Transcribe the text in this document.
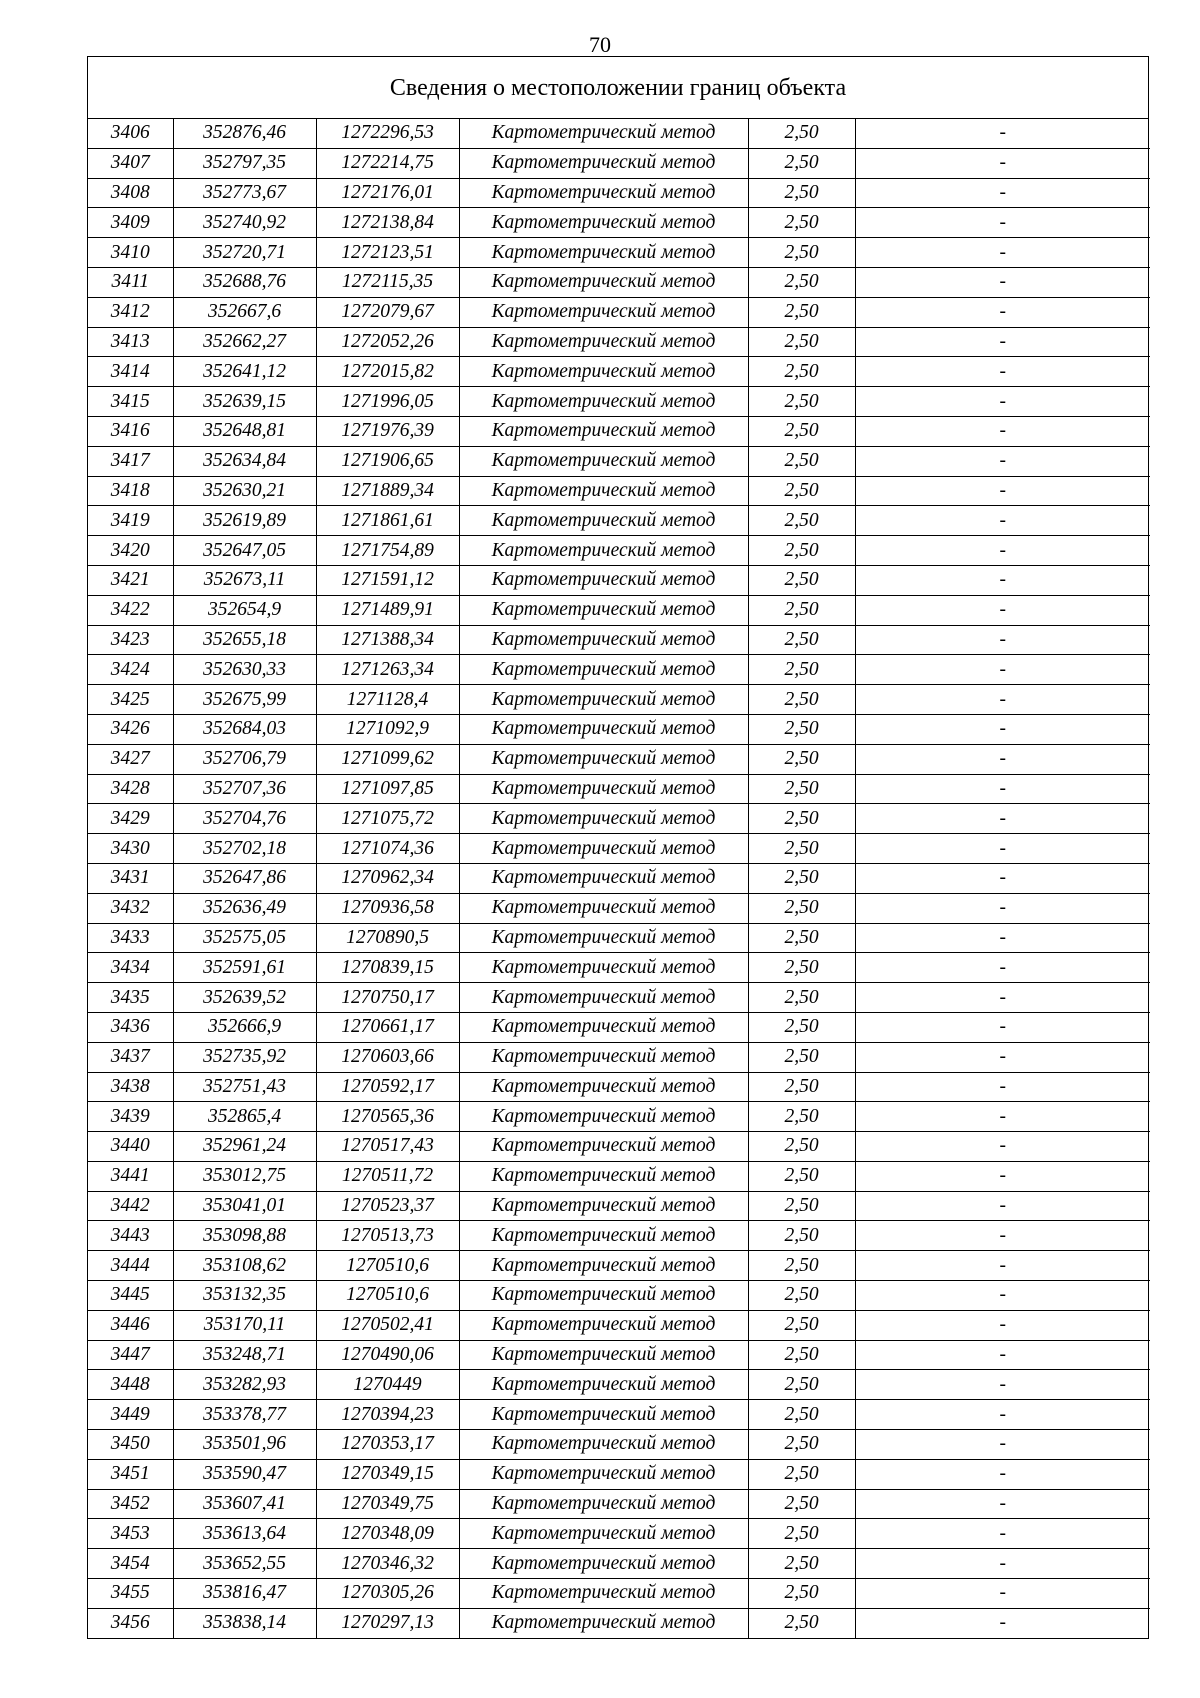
70
Сведения о местоположении границ объекта
3406	352876,46	1272296,53	Картометрический метод	2,50	-
3407	352797,35	1272214,75	Картометрический метод	2,50	-
3408	352773,67	1272176,01	Картометрический метод	2,50	-
3409	352740,92	1272138,84	Картометрический метод	2,50	-
3410	352720,71	1272123,51	Картометрический метод	2,50	-
3411	352688,76	1272115,35	Картометрический метод	2,50	-
3412	352667,6	1272079,67	Картометрический метод	2,50	-
3413	352662,27	1272052,26	Картометрический метод	2,50	-
3414	352641,12	1272015,82	Картометрический метод	2,50	-
3415	352639,15	1271996,05	Картометрический метод	2,50	-
3416	352648,81	1271976,39	Картометрический метод	2,50	-
3417	352634,84	1271906,65	Картометрический метод	2,50	-
3418	352630,21	1271889,34	Картометрический метод	2,50	-
3419	352619,89	1271861,61	Картометрический метод	2,50	-
3420	352647,05	1271754,89	Картометрический метод	2,50	-
3421	352673,11	1271591,12	Картометрический метод	2,50	-
3422	352654,9	1271489,91	Картометрический метод	2,50	-
3423	352655,18	1271388,34	Картометрический метод	2,50	-
3424	352630,33	1271263,34	Картометрический метод	2,50	-
3425	352675,99	1271128,4	Картометрический метод	2,50	-
3426	352684,03	1271092,9	Картометрический метод	2,50	-
3427	352706,79	1271099,62	Картометрический метод	2,50	-
3428	352707,36	1271097,85	Картометрический метод	2,50	-
3429	352704,76	1271075,72	Картометрический метод	2,50	-
3430	352702,18	1271074,36	Картометрический метод	2,50	-
3431	352647,86	1270962,34	Картометрический метод	2,50	-
3432	352636,49	1270936,58	Картометрический метод	2,50	-
3433	352575,05	1270890,5	Картометрический метод	2,50	-
3434	352591,61	1270839,15	Картометрический метод	2,50	-
3435	352639,52	1270750,17	Картометрический метод	2,50	-
3436	352666,9	1270661,17	Картометрический метод	2,50	-
3437	352735,92	1270603,66	Картометрический метод	2,50	-
3438	352751,43	1270592,17	Картометрический метод	2,50	-
3439	352865,4	1270565,36	Картометрический метод	2,50	-
3440	352961,24	1270517,43	Картометрический метод	2,50	-
3441	353012,75	1270511,72	Картометрический метод	2,50	-
3442	353041,01	1270523,37	Картометрический метод	2,50	-
3443	353098,88	1270513,73	Картометрический метод	2,50	-
3444	353108,62	1270510,6	Картометрический метод	2,50	-
3445	353132,35	1270510,6	Картометрический метод	2,50	-
3446	353170,11	1270502,41	Картометрический метод	2,50	-
3447	353248,71	1270490,06	Картометрический метод	2,50	-
3448	353282,93	1270449	Картометрический метод	2,50	-
3449	353378,77	1270394,23	Картометрический метод	2,50	-
3450	353501,96	1270353,17	Картометрический метод	2,50	-
3451	353590,47	1270349,15	Картометрический метод	2,50	-
3452	353607,41	1270349,75	Картометрический метод	2,50	-
3453	353613,64	1270348,09	Картометрический метод	2,50	-
3454	353652,55	1270346,32	Картометрический метод	2,50	-
3455	353816,47	1270305,26	Картометрический метод	2,50	-
3456	353838,14	1270297,13	Картометрический метод	2,50	-
